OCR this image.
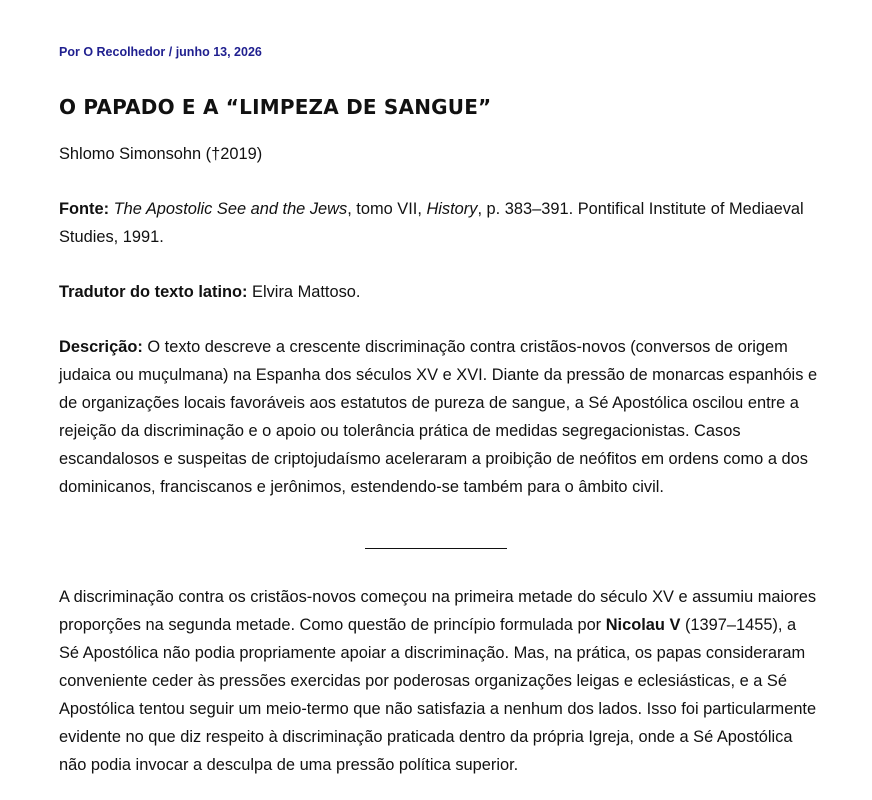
Por O Recolhedor / junho 13, 2026
O PAPADO E A “LIMPEZA DE SANGUE”

Shlomo Simonsohn (†2019)

Fonte: The Apostolic See and the Jews, tomo VII, History, p. 383–391. Pontifical Institute of Mediaeval Studies, 1991.

Tradutor do texto latino: Elvira Mattoso.

Descrição: O texto descreve a crescente discriminação contra cristãos-novos (conversos de origem judaica ou muçulmana) na Espanha dos séculos XV e XVI. Diante da pressão de monarcas espanhóis e de organizações locais favoráveis aos estatutos de pureza de sangue, a Sé Apostólica oscilou entre a rejeição da discriminação e o apoio ou tolerância prática de medidas segregacionistas. Casos escandalosos e suspeitas de criptojudaísmo aceleraram a proibição de neófitos em ordens como a dos dominicanos, franciscanos e jerônimos, estendendo-se também para o âmbito civil.

A discriminação contra os cristãos-novos começou na primeira metade do século XV e assumiu maiores proporções na segunda metade. Como questão de princípio formulada por Nicolau V (1397–1455), a Sé Apostólica não podia propriamente apoiar a discriminação. Mas, na prática, os papas consideraram conveniente ceder às pressões exercidas por poderosas organizações leigas e eclesiásticas, e a Sé Apostólica tentou seguir um meio-termo que não satisfazia a nenhum dos lados. Isso foi particularmente evidente no que diz respeito à discriminação praticada dentro da própria Igreja, onde a Sé Apostólica não podia invocar a desculpa de uma pressão política superior.
